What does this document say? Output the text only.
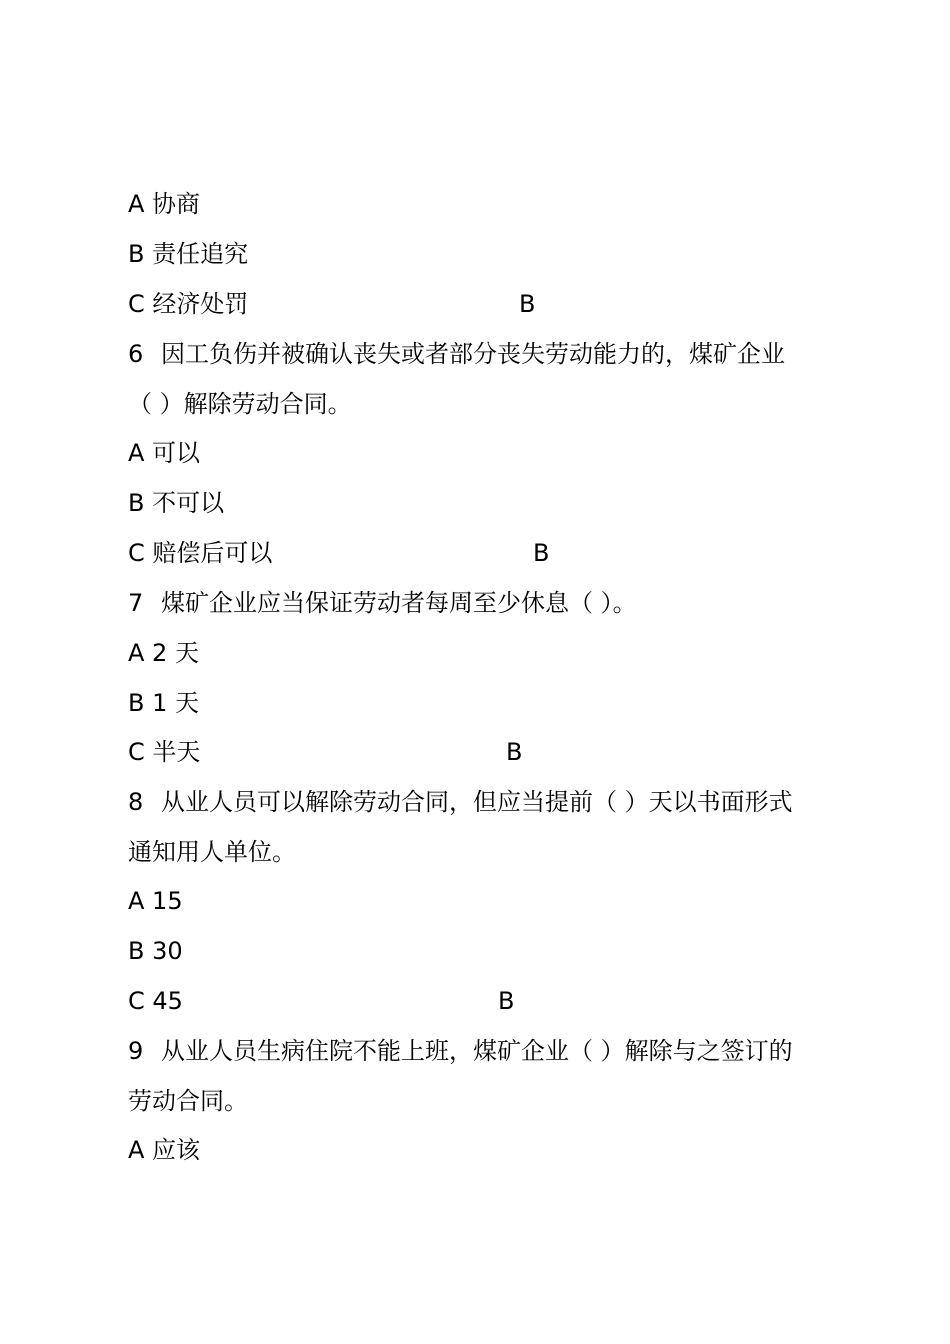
A 协商
B 责任追究
C 经济处罚	B
6 因工负伤并被确认丧失或者部分丧失劳动能力的，煤矿企业
（ ）解除劳动合同。
A 可以
B 不可以
C 赔偿后可以	B
7 煤矿企业应当保证劳动者每周至少休息（ ）。
A 2 天
B 1 天
C 半天	B
8 从业人员可以解除劳动合同，但应当提前（ ）天以书面形式
通知用人单位。
A 15
B 30
C 45	B
9 从业人员生病住院不能上班，煤矿企业（ ）解除与之签订的
劳动合同。
A 应该
